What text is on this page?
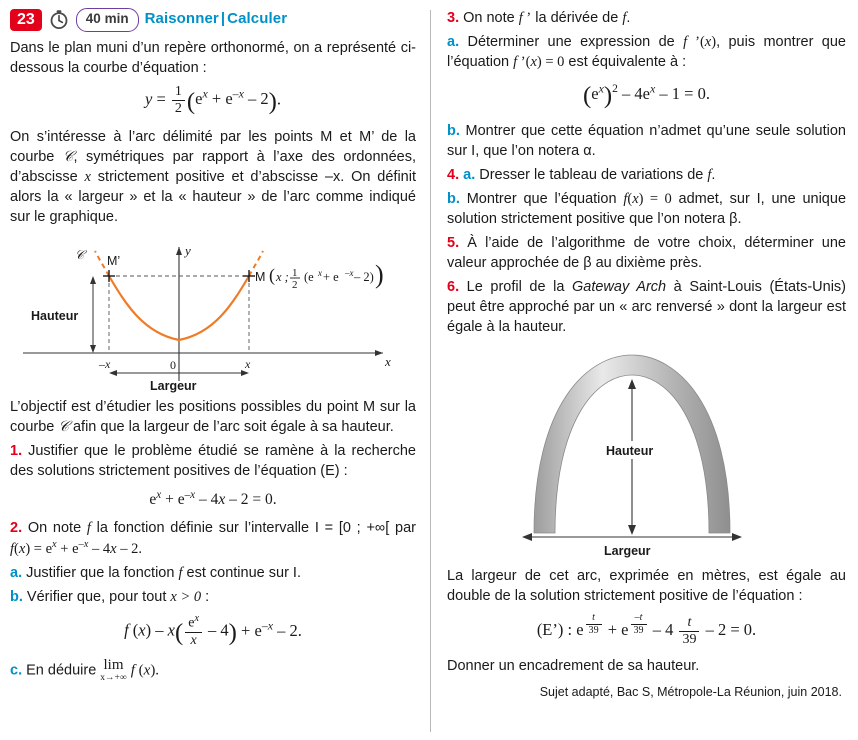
23	40 min	Raisonner | Calculer

Dans le plan muni d’un repère orthonormé, on a représenté ci-dessous la courbe d’équation :

$y = \frac{1}{2} (e^x + e^{-x} - 2)$.

On s’intéresse à l’arc délimité par les points M et M’ de la courbe 𝒞, symétriques par rapport à l’axe des ordonnées, d’abscisse x strictement positive et d’abscisse –x. On définit alors la « largeur » et la « hauteur » de l’arc comme indiqué sur le graphique.

x
y
0
𝒞	M’
M ( x ; 1
2
(e x + e –x – 2) )
Hauteur
Largeur
–x	x

L’objectif est d’étudier les positions possibles du point M sur la courbe 𝒞 afin que la largeur de l’arc soit égale à sa hauteur.

1. Justifier que le problème étudié se ramène à la recherche des solutions strictement positives de l’équation (E) :

$e^x + e^{-x} - 4x - 2 = 0$.

2. On note f la fonction définie sur l’intervalle I = [0 ; +∞[ par $f(x) = e^x + e^{-x} - 4x - 2$.

a. Justifier que la fonction f est continue sur I.

b. Vérifier que, pour tout x > 0 :

f $(x) - x( \frac{e^x}{x} - 4) + e^{-x} - 2$.

c. En déduire lim
x→+∞ f (x).

3. On note f ’ la dérivée de f.

a. Déterminer une expression de f ’(x), puis montrer que l’équation f ’(x) = 0 est équivalente à :

$(e^x)^2 - 4e^x - 1 = 0$.

b. Montrer que cette équation n’admet qu’une seule solution sur I, que l’on notera α.

4. a. Dresser le tableau de variations de f.

b. Montrer que l’équation f(x) = 0 admet, sur I, une unique solution strictement positive que l’on notera β.

5. À l’aide de l’algorithme de votre choix, déterminer une valeur approchée de β au dixième près.

6. Le profil de la Gateway Arch à Saint-Louis (États-Unis) peut être approché par un « arc renversé » dont la largeur est égale à la hauteur.

Hauteur
Largeur

La largeur de cet arc, exprimée en mètres, est égale au double de la solution strictement positive de l’équation :

(E’) : e $^{\frac{t}{39}}$ + e $^{\frac{-t}{39}} - 4 \frac{t}{39} - 2 = 0$.

Donner un encadrement de sa hauteur.

Sujet adapté, Bac S, Métropole-La Réunion, juin 2018.
